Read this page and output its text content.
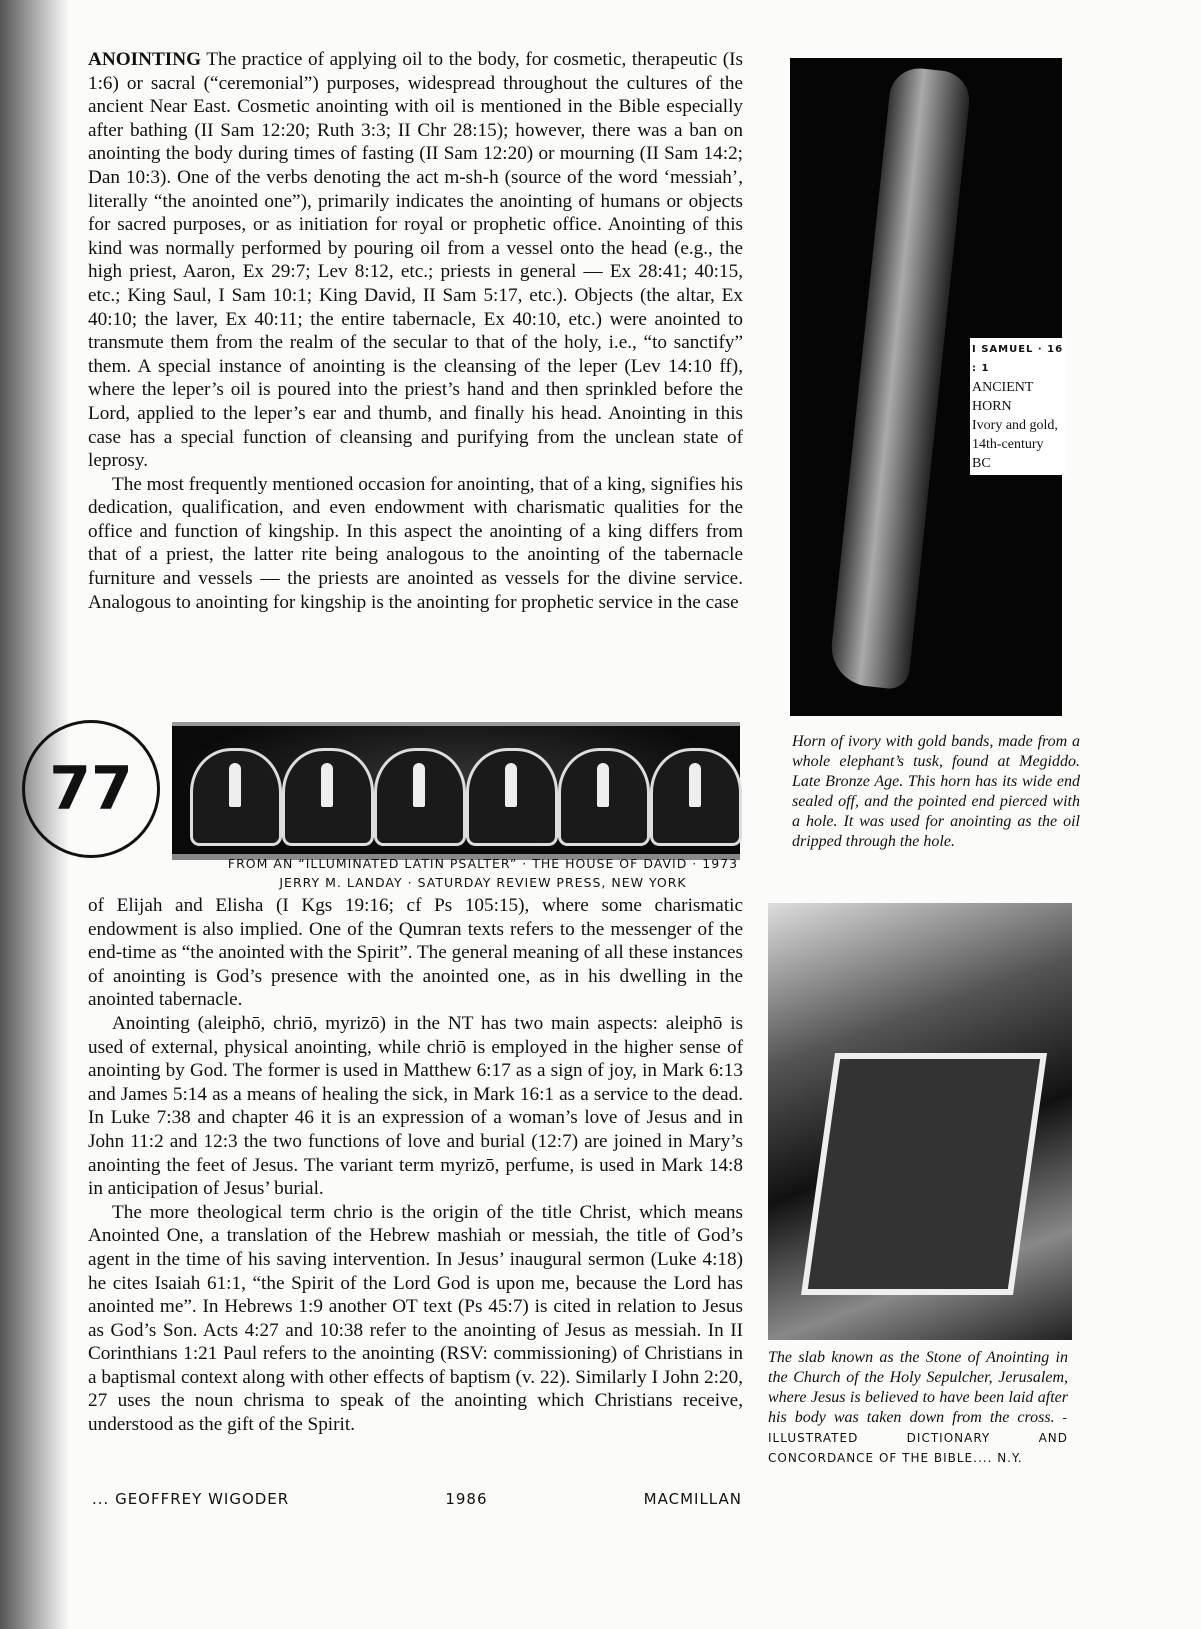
ANOINTING The practice of applying oil to the body, for cosmetic, therapeutic (Is 1:6) or sacral (“ceremonial”) purposes, widespread throughout the cultures of the ancient Near East. Cosmetic anointing with oil is mentioned in the Bible especially after bathing (II Sam 12:20; Ruth 3:3; II Chr 28:15); however, there was a ban on anointing the body during times of fasting (II Sam 12:20) or mourning (II Sam 14:2; Dan 10:3). One of the verbs denoting the act m-sh-h (source of the word ‘messiah’, literally “the anointed one”), primarily indicates the anointing of humans or objects for sacred purposes, or as initiation for royal or prophetic office. Anointing of this kind was normally performed by pouring oil from a vessel onto the head (e.g., the high priest, Aaron, Ex 29:7; Lev 8:12, etc.; priests in general — Ex 28:41; 40:15, etc.; King Saul, I Sam 10:1; King David, II Sam 5:17, etc.). Objects (the altar, Ex 40:10; the laver, Ex 40:11; the entire tabernacle, Ex 40:10, etc.) were anointed to transmute them from the realm of the secular to that of the holy, i.e., “to sanctify” them. A special instance of anointing is the cleansing of the leper (Lev 14:10 ff), where the leper’s oil is poured into the priest’s hand and then sprinkled before the Lord, applied to the leper’s ear and thumb, and finally his head. Anointing in this case has a special function of cleansing and purifying from the unclean state of leprosy.

The most frequently mentioned occasion for anointing, that of a king, signifies his dedication, qualification, and even endowment with charismatic qualities for the office and function of kingship. In this aspect the anointing of a king differs from that of a priest, the latter rite being analogous to the anointing of the tabernacle furniture and vessels — the priests are anointed as vessels for the divine service. Analogous to anointing for kingship is the anointing for prophetic service in the case

77
FROM AN “ILLUMINATED LATIN PSALTER” · THE HOUSE OF DAVID · 1973
JERRY M. LANDAY · SATURDAY REVIEW PRESS, NEW YORK

of Elijah and Elisha (I Kgs 19:16; cf Ps 105:15), where some charismatic endowment is also implied. One of the Qumran texts refers to the messenger of the end-time as “the anointed with the Spirit”. The general meaning of all these instances of anointing is God’s presence with the anointed one, as in his dwelling in the anointed tabernacle.

Anointing (aleiphō, chriō, myrizō) in the NT has two main aspects: aleiphō is used of external, physical anointing, while chriō is employed in the higher sense of anointing by God. The former is used in Matthew 6:17 as a sign of joy, in Mark 6:13 and James 5:14 as a means of healing the sick, in Mark 16:1 as a service to the dead. In Luke 7:38 and chapter 46 it is an expression of a woman’s love of Jesus and in John 11:2 and 12:3 the two functions of love and burial (12:7) are joined in Mary’s anointing the feet of Jesus. The variant term myrizō, perfume, is used in Mark 14:8 in anticipation of Jesus’ burial.

The more theological term chrio is the origin of the title Christ, which means Anointed One, a translation of the Hebrew mashiah or messiah, the title of God’s agent in the time of his saving intervention. In Jesus’ inaugural sermon (Luke 4:18) he cites Isaiah 61:1, “the Spirit of the Lord God is upon me, because the Lord has anointed me”. In Hebrews 1:9 another OT text (Ps 45:7) is cited in relation to Jesus as God’s Son. Acts 4:27 and 10:38 refer to the anointing of Jesus as messiah. In II Corinthians 1:21 Paul refers to the anointing (RSV: commissioning) of Christians in a baptismal context along with other effects of baptism (v. 22). Similarly I John 2:20, 27 uses the noun chrisma to speak of the anointing which Christians receive, understood as the gift of the Spirit.

I SAMUEL · 16 : 1
ANCIENT HORN
Ivory and gold,
14th-century BC
Horn of ivory with gold bands, made from a whole elephant’s tusk, found at Megiddo. Late Bronze Age. This horn has its wide end sealed off, and the pointed end pierced with a hole. It was used for anointing as the oil dripped through the hole.
The slab known as the Stone of Anointing in the Church of the Holy Sepulcher, Jerusalem, where Jesus is believed to have been laid after his body was taken down from the cross. -ILLUSTRATED DICTIONARY AND CONCORDANCE OF THE BIBLE.... N.Y.
... GEOFFREY WIGODER	1986	MACMILLAN
